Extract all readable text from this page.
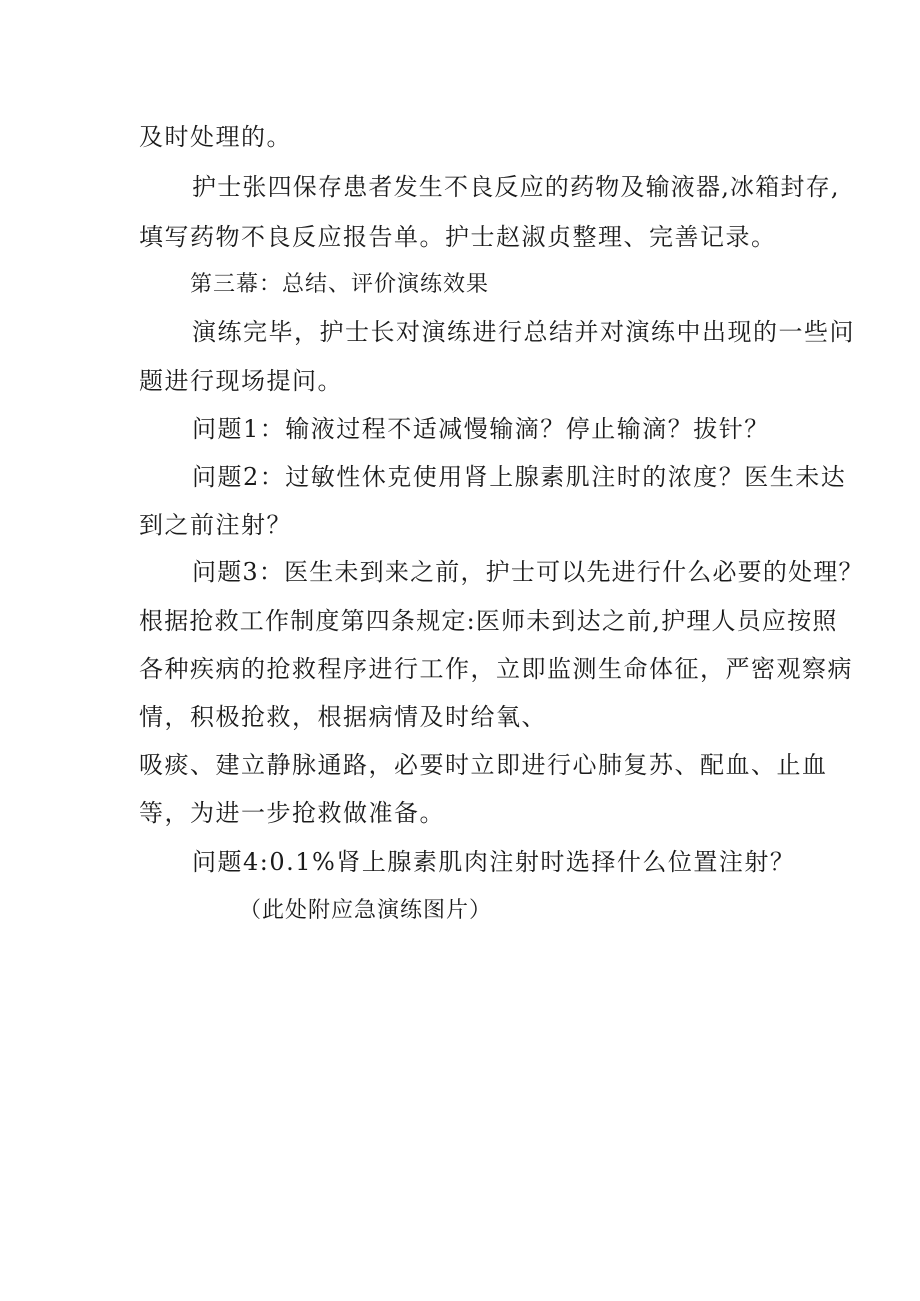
及时处理的。
护士张四保存患者发生不良反应的药物及输液器,冰箱封存,
填写药物不良反应报告单。护士赵淑贞整理、完善记录。
第三幕：总结、评价演练效果
演练完毕，护士长对演练进行总结并对演练中出现的一些问
题进行现场提问。
问题1：输液过程不适减慢输滴？停止输滴？拔针？
问题2：过敏性休克使用肾上腺素肌注时的浓度？医生未达
到之前注射？
问题3：医生未到来之前，护士可以先进行什么必要的处理？
根据抢救工作制度第四条规定:医师未到达之前,护理人员应按照
各种疾病的抢救程序进行工作，立即监测生命体征，严密观察病
情，积极抢救，根据病情及时给氧、
吸痰、建立静脉通路，必要时立即进行心肺复苏、配血、止血
等，为进一步抢救做准备。
问题4:0.1%肾上腺素肌肉注射时选择什么位置注射？
（此处附应急演练图片）
